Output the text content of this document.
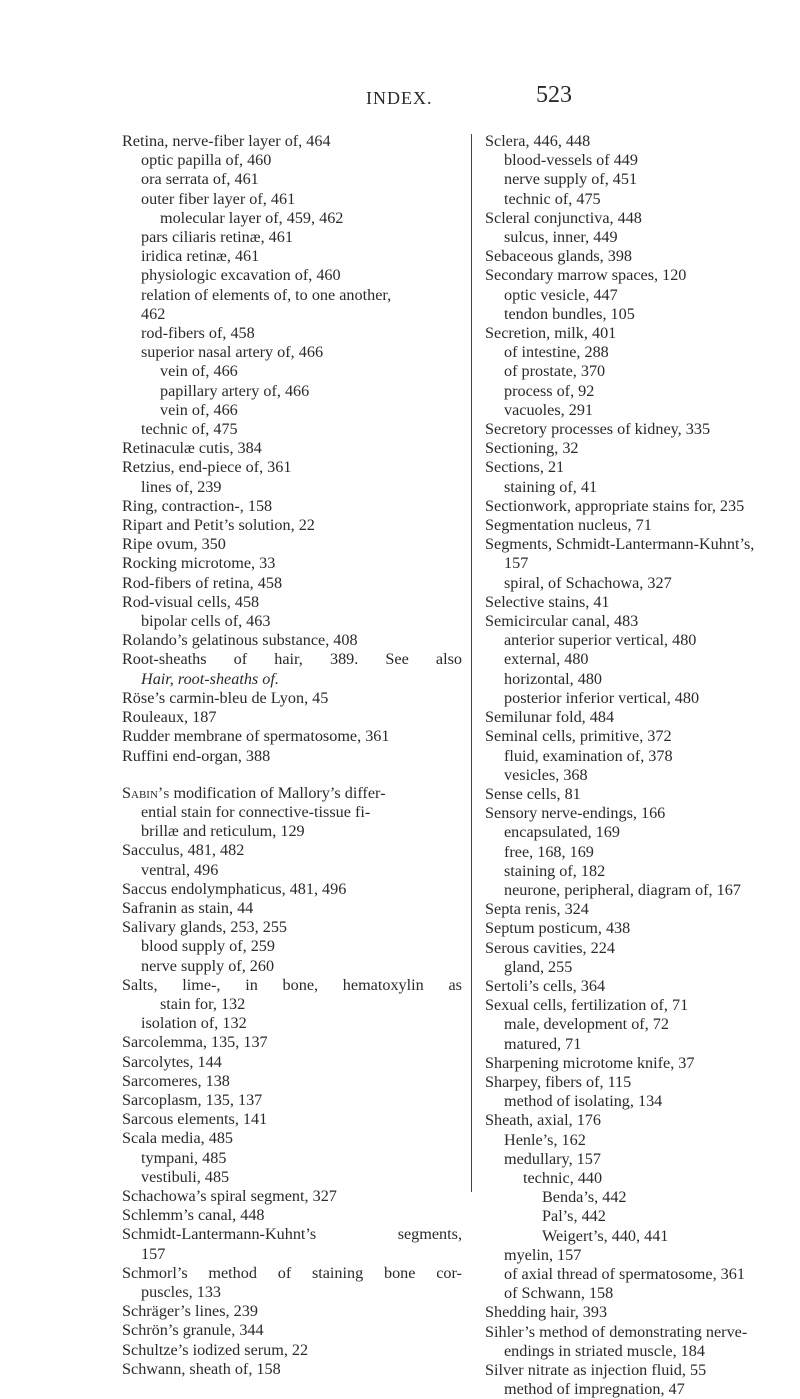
INDEX.	523
Retina, nerve-fiber layer of, 464
optic papilla of, 460
ora serrata of, 461
outer fiber layer of, 461
molecular layer of, 459, 462
pars ciliaris retinæ, 461
iridica retinæ, 461
physiologic excavation of, 460
relation of elements of, to one another,
462
rod-fibers of, 458
superior nasal artery of, 466
vein of, 466
papillary artery of, 466
vein of, 466
technic of, 475
Retinaculæ cutis, 384
Retzius, end-piece of, 361
lines of, 239
Ring, contraction-, 158
Ripart and Petit’s solution, 22
Ripe ovum, 350
Rocking microtome, 33
Rod-fibers of retina, 458
Rod-visual cells, 458
bipolar cells of, 463
Rolando’s gelatinous substance, 408
Root-sheaths of hair, 389. See also
Hair, root-sheaths of.
Röse’s carmin-bleu de Lyon, 45
Rouleaux, 187
Rudder membrane of spermatosome, 361
Ruffini end-organ, 388
Sabin’s modification of Mallory’s differ-
ential stain for connective-tissue fi-
brillæ and reticulum, 129
Sacculus, 481, 482
ventral, 496
Saccus endolymphaticus, 481, 496
Safranin as stain, 44
Salivary glands, 253, 255
blood supply of, 259
nerve supply of, 260
Salts, lime-, in bone, hematoxylin as
stain for, 132
isolation of, 132
Sarcolemma, 135, 137
Sarcolytes, 144
Sarcomeres, 138
Sarcoplasm, 135, 137
Sarcous elements, 141
Scala media, 485
tympani, 485
vestibuli, 485
Schachowa’s spiral segment, 327
Schlemm’s canal, 448
Schmidt-Lantermann-Kuhnt’s	segments,
157
Schmorl’s method of staining bone cor-
puscles, 133
Schräger’s lines, 239
Schrön’s granule, 344
Schultze’s iodized serum, 22
Schwann, sheath of, 158
Sclera, 446, 448
blood-vessels of 449
nerve supply of, 451
technic of, 475
Scleral conjunctiva, 448
sulcus, inner, 449
Sebaceous glands, 398
Secondary marrow spaces, 120
optic vesicle, 447
tendon bundles, 105
Secretion, milk, 401
of intestine, 288
of prostate, 370
process of, 92
vacuoles, 291
Secretory processes of kidney, 335
Sectioning, 32
Sections, 21
staining of, 41
Sectionwork, appropriate stains for, 235
Segmentation nucleus, 71
Segments, Schmidt-Lantermann-Kuhnt’s,
157
spiral, of Schachowa, 327
Selective stains, 41
Semicircular canal, 483
anterior superior vertical, 480
external, 480
horizontal, 480
posterior inferior vertical, 480
Semilunar fold, 484
Seminal cells, primitive, 372
fluid, examination of, 378
vesicles, 368
Sense cells, 81
Sensory nerve-endings, 166
encapsulated, 169
free, 168, 169
staining of, 182
neurone, peripheral, diagram of, 167
Septa renis, 324
Septum posticum, 438
Serous cavities, 224
gland, 255
Sertoli’s cells, 364
Sexual cells, fertilization of, 71
male, development of, 72
matured, 71
Sharpening microtome knife, 37
Sharpey, fibers of, 115
method of isolating, 134
Sheath, axial, 176
Henle’s, 162
medullary, 157
technic, 440
Benda’s, 442
Pal’s, 442
Weigert’s, 440, 441
myelin, 157
of axial thread of spermatosome, 361
of Schwann, 158
Shedding hair, 393
Sihler’s method of demonstrating nerve-
endings in striated muscle, 184
Silver nitrate as injection fluid, 55
method of impregnation, 47
